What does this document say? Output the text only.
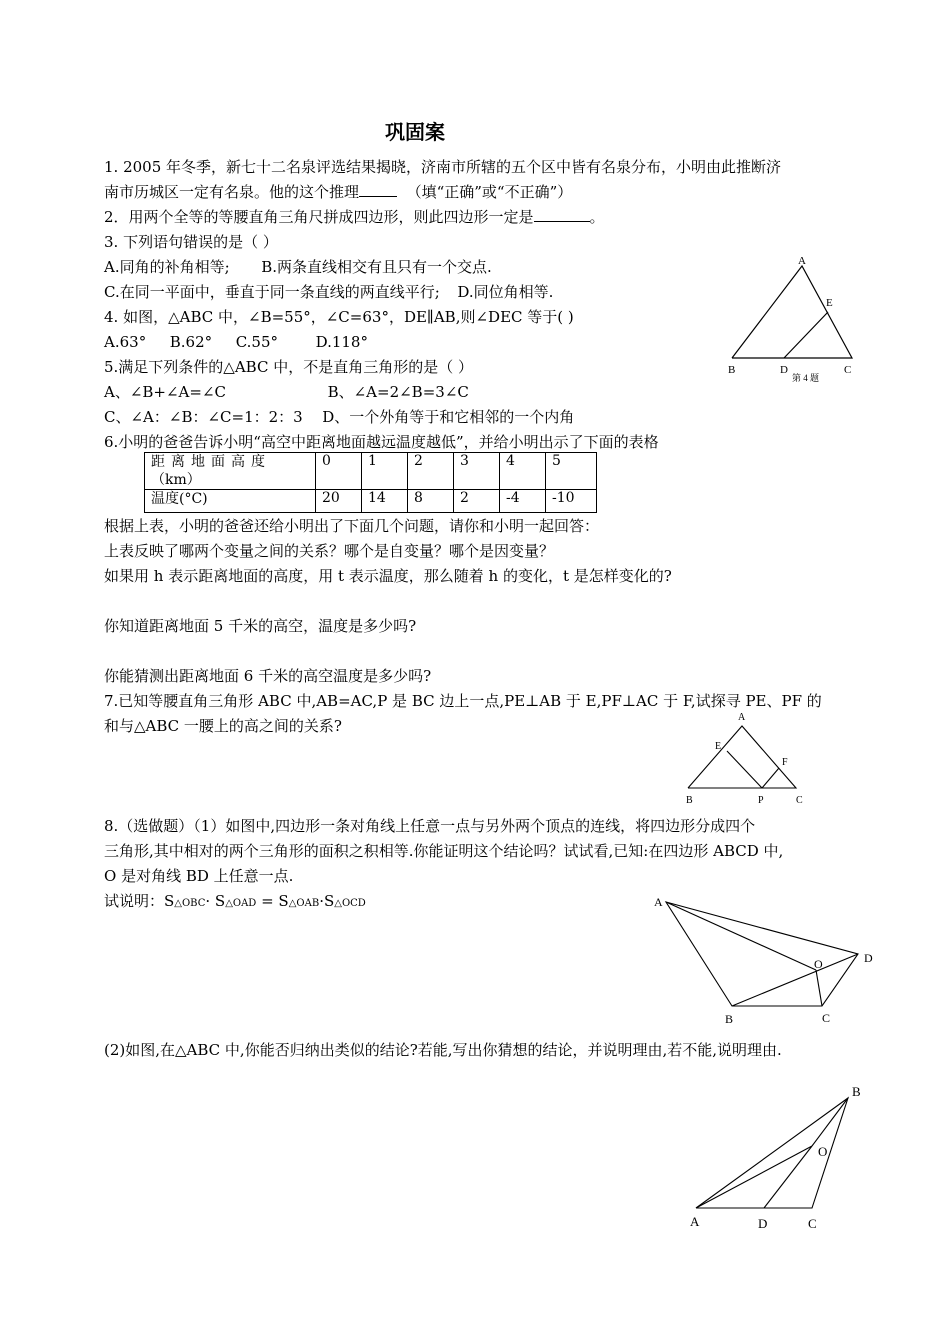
巩固案
1. 2005 年冬季，新七十二名泉评选结果揭晓，济南市所辖的五个区中皆有名泉分布，小明由此推断济
南市历城区一定有名泉。他的这个推理	（填“正确”或“不正确”）
2．用两个全等的等腰直角三角尺拼成四边形，则此四边形一定是	。
3. 下列语句错误的是（ ）
A.同角的补角相等; B.两条直线相交有且只有一个交点.
C.在同一平面中，垂直于同一条直线的两直线平行; D.同位角相等.
4. 如图，△ABC 中，∠B=55°，∠C=63°，DE∥AB,则∠DEC 等于( )
A.63° B.62° C.55°	D.118°
A
E
B	D	C
第 4 题
5.满足下列条件的△ABC 中，不是直角三角形的是（ ）
A、∠B+∠A=∠C	B、∠A=2∠B=3∠C
C、∠A：∠B：∠C=1：2：3 D、一个外角等于和它相邻的一个内角
6.小明的爸爸告诉小明“高空中距离地面越远温度越低”，并给小明出示了下面的表格
距离地面高度
（km）	0	1	2	3	4	5
温度(°C)	20	14	8	2	-4	-10
根据上表，小明的爸爸还给小明出了下面几个问题，请你和小明一起回答：
上表反映了哪两个变量之间的关系？哪个是自变量？哪个是因变量？
如果用 h 表示距离地面的高度，用 t 表示温度，那么随着 h 的变化，t 是怎样变化的?
你知道距离地面 5 千米的高空，温度是多少吗?
你能猜测出距离地面 6 千米的高空温度是多少吗?
7.已知等腰直角三角形 ABC 中,AB=AC,P 是 BC 边上一点,PE⊥AB 于 E,PF⊥AC 于 F,试探寻 PE、PF 的
和与△ABC 一腰上的高之间的关系?	A
E
F
B	P	C
8.（选做题）（1）如图中,四边形一条对角线上任意一点与另外两个顶点的连线，将四边形分成四个
三角形,其中相对的两个三角形的面积之积相等.你能证明这个结论吗？试试看,已知:在四边形 ABCD 中,
O 是对角线 BD 上任意一点.
试说明：S△OBC· S△OAD = S△OAB·S△OCD	A
D
O
B	C
(2)如图,在△ABC 中,你能否归纳出类似的结论?若能,写出你猜想的结论，并说明理由,若不能,说明理由.
B
O
A	D	C
